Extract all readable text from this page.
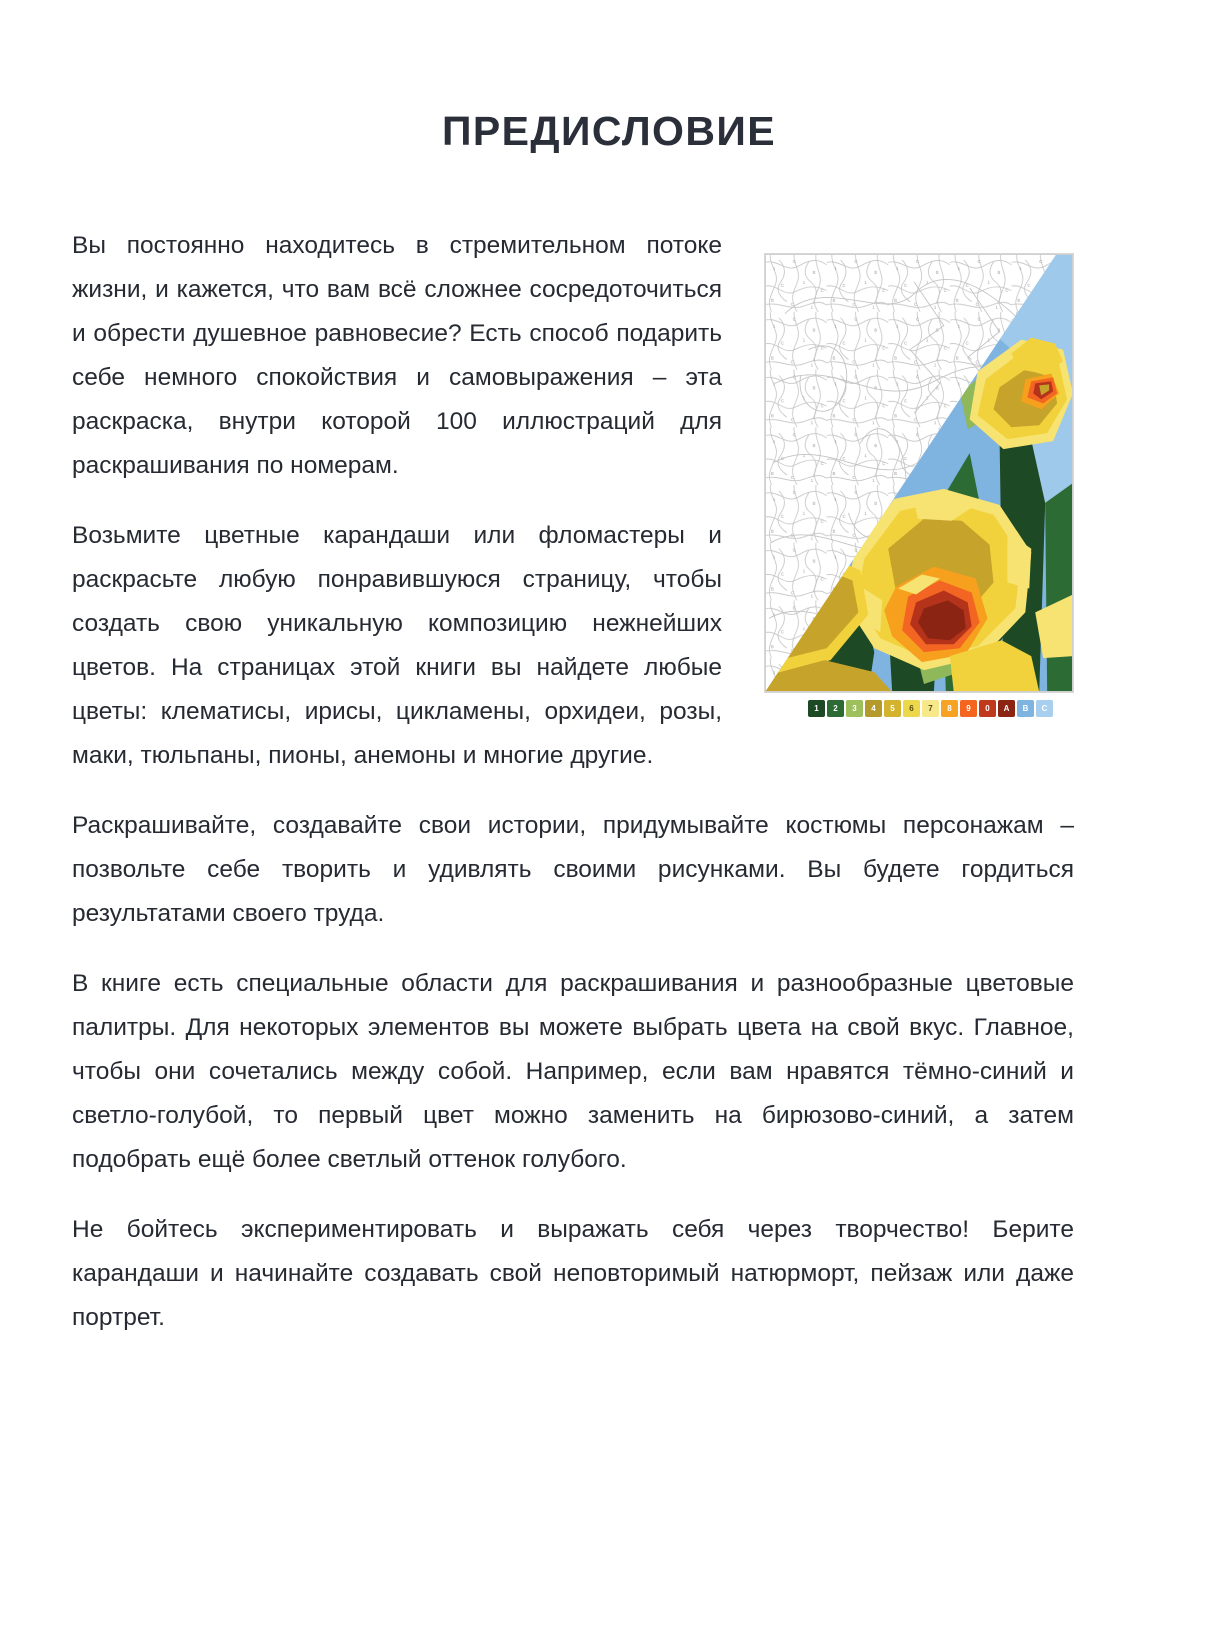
ПРЕДИСЛОВИЕ
1	2	3	4	5	6	7	8	9	0	A	B	C

Вы постоянно находитесь в стремительном потоке жизни, и кажется, что вам всё сложнее сосредоточиться и обрести душевное равновесие? Есть способ подарить себе немного спокойствия и самовыражения – эта раскраска, внутри которой 100 иллюстраций для раскрашивания по номерам.

Возьмите цветные карандаши или фломастеры и раскрасьте любую понравившуюся страницу, чтобы создать свою уникальную композицию нежнейших цветов. На страницах этой книги вы найдете любые цветы: клематисы, ирисы, цикламены, орхидеи, розы, маки, тюльпаны, пионы, анемоны и многие другие.

Раскрашивайте, создавайте свои истории, придумывайте костюмы персонажам – позвольте себе творить и удивлять своими рисунками. Вы будете гордиться результатами своего труда.

В книге есть специальные области для раскрашивания и разнообразные цветовые палитры. Для некоторых элементов вы можете выбрать цвета на свой вкус. Главное, чтобы они сочетались между собой. Например, если вам нравятся тёмно-синий и светло-голубой, то первый цвет можно заменить на бирюзово-синий, а затем подобрать ещё более светлый оттенок голубого.

Не бойтесь экспериментировать и выражать себя через творчество! Берите карандаши и начинайте создавать свой неповторимый натюрморт, пейзаж или даже портрет.
